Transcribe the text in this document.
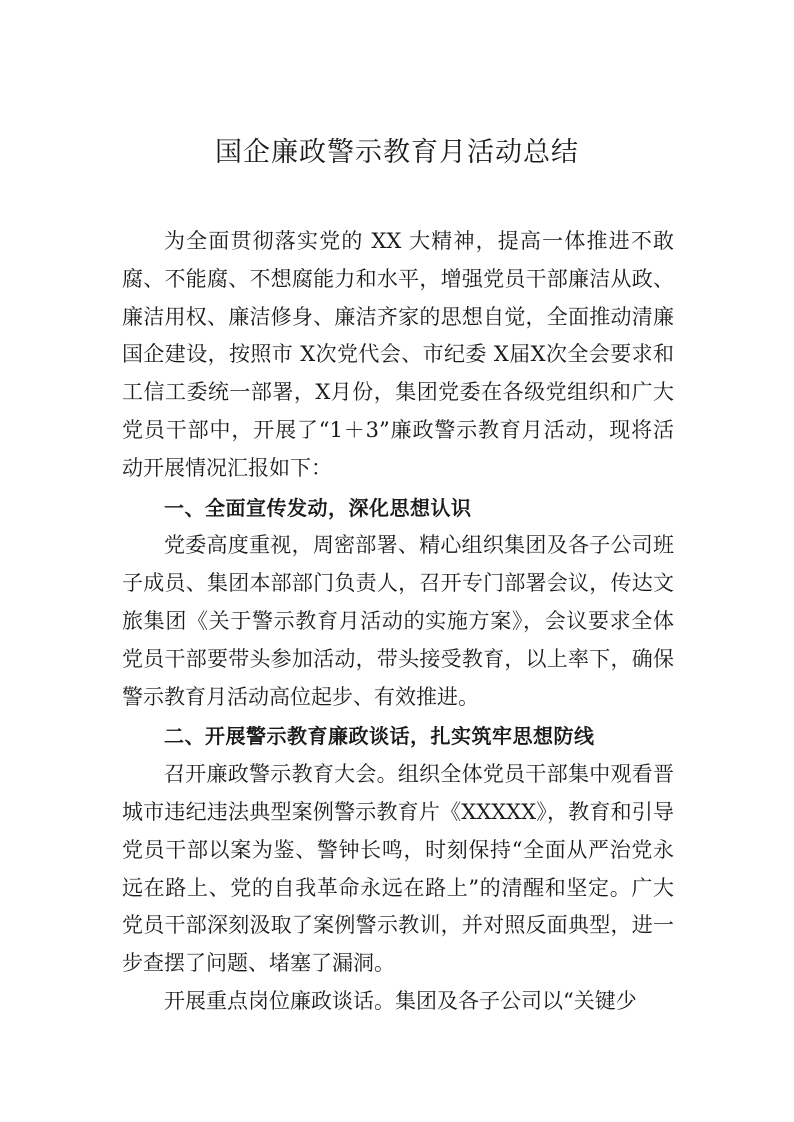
国企廉政警示教育月活动总结

为全面贯彻落实党的 XX 大精神，提高一体推进不敢腐、不能腐、不想腐能力和水平，增强党员干部廉洁从政、廉洁用权、廉洁修身、廉洁齐家的思想自觉，全面推动清廉国企建设，按照市 X次党代会、市纪委 X届X次全会要求和工信工委统一部署，X月份，集团党委在各级党组织和广大党员干部中，开展了“1＋3”廉政警示教育月活动，现将活动开展情况汇报如下：

一、全面宣传发动，深化思想认识

党委高度重视，周密部署、精心组织集团及各子公司班子成员、集团本部部门负责人，召开专门部署会议，传达文 旅集团《关于警示教育月活动的实施方案》，会议要求全体党员干部要带头参加活动，带头接受教育，以上率下，确保警示教育月活动高位起步、有效推进。

二、开展警示教育廉政谈话，扎实筑牢思想防线

召开廉政警示教育大会。组织全体党员干部集中观看晋城市违纪违法典型案例警示教育片《XXXXX》，教育和引导 党员干部以案为鉴、警钟长鸣，时刻保持“全面从严治党永远在路上、党的自我革命永远在路上”的清醒和坚定。广大党员干部深刻汲取了案例警示教训，并对照反面典型，进一步查摆了问题、堵塞了漏洞。

开展重点岗位廉政谈话。集团及各子公司以“关键少
